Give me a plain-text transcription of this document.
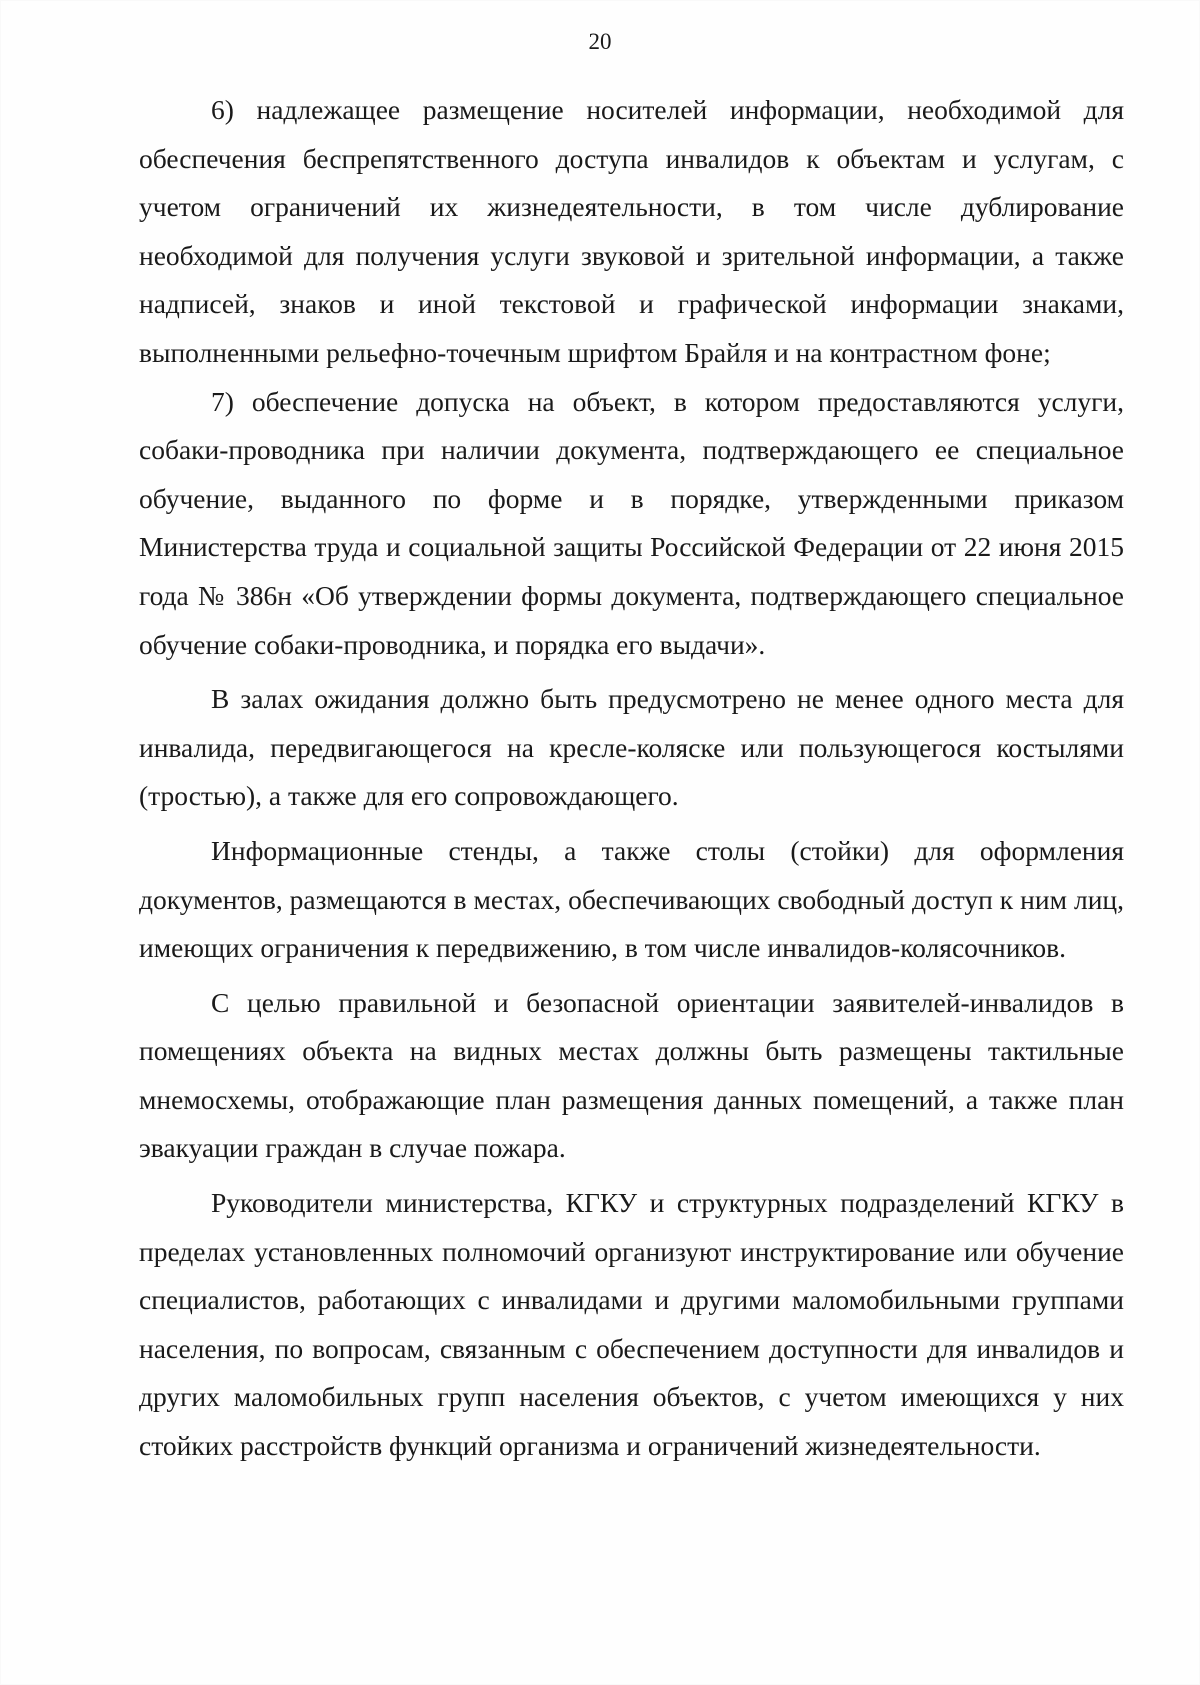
20

6) надлежащее размещение носителей информации, необходимой для обеспечения беспрепятственного доступа инвалидов к объектам и услугам, с учетом ограничений их жизнедеятельности, в том числе дублирование необходимой для получения услуги звуковой и зрительной информации, а также надписей, знаков и иной текстовой и графической информации знаками, выполненными рельефно-точечным шрифтом Брайля и на контрастном фоне;

7) обеспечение допуска на объект, в котором предоставляются услуги, собаки-проводника при наличии документа, подтверждающего ее специальное обучение, выданного по форме и в порядке, утвержденными приказом Министерства труда и социальной защиты Российской Федерации от 22 июня 2015 года № 386н «Об утверждении формы документа, подтверждающего специальное обучение собаки-проводника, и порядка его выдачи».

В залах ожидания должно быть предусмотрено не менее одного места для инвалида, передвигающегося на кресле-коляске или пользующегося костылями (тростью), а также для его сопровождающего.

Информационные стенды, а также столы (стойки) для оформления документов, размещаются в местах, обеспечивающих свободный доступ к ним лиц, имеющих ограничения к передвижению, в том числе инвалидов-колясочников.

С целью правильной и безопасной ориентации заявителей-инвалидов в помещениях объекта на видных местах должны быть размещены тактильные мнемосхемы, отображающие план размещения данных помещений, а также план эвакуации граждан в случае пожара.

Руководители министерства, КГКУ и структурных подразделений КГКУ в пределах установленных полномочий организуют инструктирование или обучение специалистов, работающих с инвалидами и другими маломобильными группами населения, по вопросам, связанным с обеспечением доступности для инвалидов и других маломобильных групп населения объектов, с учетом имеющихся у них стойких расстройств функций организма и ограничений жизнедеятельности.
